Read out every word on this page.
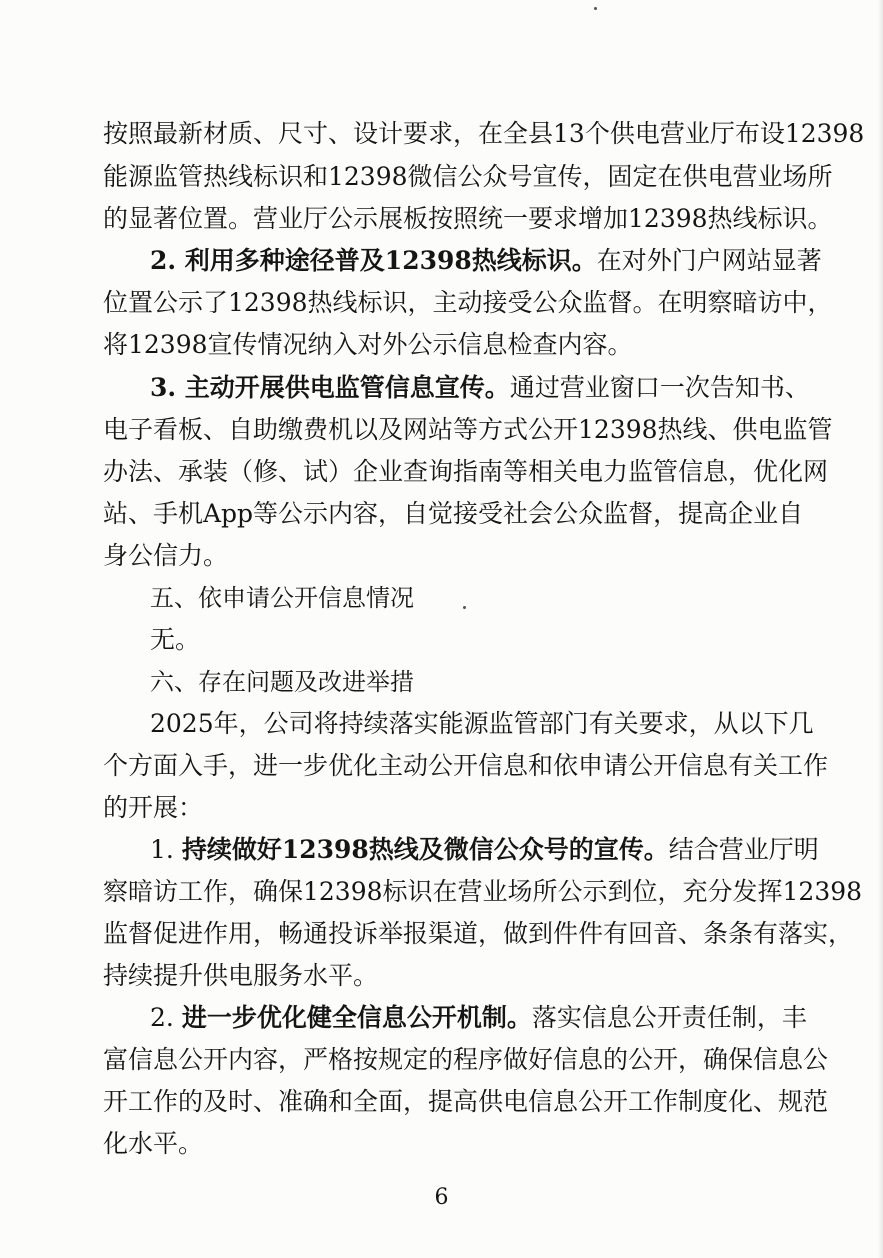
按照最新材质、尺寸、设计要求，在全县13个供电营业厅布设12398
能源监管热线标识和12398微信公众号宣传，固定在供电营业场所
的显著位置。营业厅公示展板按照统一要求增加12398热线标识。
2. 利用多种途径普及12398热线标识。在对外门户网站显著
位置公示了12398热线标识，主动接受公众监督。在明察暗访中，
将12398宣传情况纳入对外公示信息检查内容。
3. 主动开展供电监管信息宣传。通过营业窗口一次告知书、
电子看板、自助缴费机以及网站等方式公开12398热线、供电监管
办法、承装（修、试）企业查询指南等相关电力监管信息，优化网
站、手机App等公示内容，自觉接受社会公众监督，提高企业自
身公信力。
五、依申请公开信息情况
无。
六、存在问题及改进举措
2025年，公司将持续落实能源监管部门有关要求，从以下几
个方面入手，进一步优化主动公开信息和依申请公开信息有关工作
的开展：
1. 持续做好12398热线及微信公众号的宣传。结合营业厅明
察暗访工作，确保12398标识在营业场所公示到位，充分发挥12398
监督促进作用，畅通投诉举报渠道，做到件件有回音、条条有落实，
持续提升供电服务水平。
2. 进一步优化健全信息公开机制。落实信息公开责任制，丰
富信息公开内容，严格按规定的程序做好信息的公开，确保信息公
开工作的及时、准确和全面，提高供电信息公开工作制度化、规范
化水平。
6
